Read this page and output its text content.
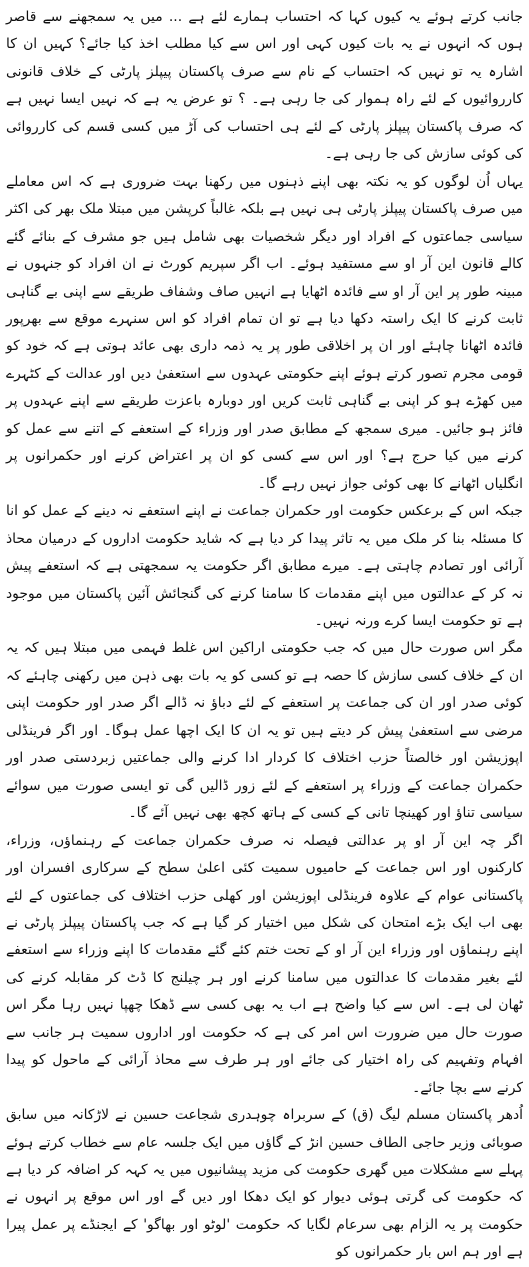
جانب کرتے ہوئے یہ کیوں کہا کہ احتساب ہمارے لئے ہے ... میں یہ سمجھنے سے قاصر ہوں کہ انہوں نے یہ بات کیوں کہی اور اس سے کیا مطلب اخذ کیا جائے؟ کہیں ان کا اشارہ یہ تو نہیں کہ احتساب کے نام سے صرف پاکستان پیپلز پارٹی کے خلاف قانونی کارروائیوں کے لئے راہ ہموار کی جا رہی ہے۔ ؟ تو عرض یہ ہے کہ نہیں ایسا نہیں ہے کہ صرف پاکستان پیپلز پارٹی کے لئے ہی احتساب کی آڑ میں کسی قسم کی کارروائی کی کوئی سازش کی جا رہی ہے۔

یہاں اُن لوگوں کو یہ نکتہ بھی اپنے ذہنوں میں رکھنا بہت ضروری ہے کہ اس معاملے میں صرف پاکستان پیپلز پارٹی ہی نہیں ہے بلکہ غالباً کرپشن میں مبتلا ملک بھر کی اکثر سیاسی جماعتوں کے افراد اور دیگر شخصیات بھی شامل ہیں جو مشرف کے بنائے گئے کالے قانون این آر او سے مستفید ہوئے۔ اب اگر سپریم کورٹ نے ان افراد کو جنہوں نے مبینہ طور پر این آر او سے فائدہ اٹھایا ہے انہیں صاف وشفاف طریقے سے اپنی بے گناہی ثابت کرنے کا ایک راستہ دکھا دیا ہے تو ان تمام افراد کو اس سنہرے موقع سے بھرپور فائدہ اٹھانا چاہئے اور ان پر اخلاقی طور پر یہ ذمہ داری بھی عائد ہوتی ہے کہ خود کو قومی مجرم تصور کرتے ہوئے اپنے حکومتی عہدوں سے استعفیٰ دیں اور عدالت کے کٹہرے میں کھڑے ہو کر اپنی بے گناہی ثابت کریں اور دوبارہ باعزت طریقے سے اپنے عہدوں پر فائز ہو جائیں۔ میری سمجھ کے مطابق صدر اور وزراء کے استعفے کے اتنے سے عمل کو کرنے میں کیا حرج ہے؟ اور اس سے کسی کو ان پر اعتراض کرنے اور حکمرانوں پر انگلیاں اٹھانے کا بھی کوئی جواز نہیں رہے گا۔

جبکہ اس کے برعکس حکومت اور حکمران جماعت نے اپنے استعفے نہ دینے کے عمل کو انا کا مسئلہ بنا کر ملک میں یہ تاثر پیدا کر دیا ہے کہ شاید حکومت اداروں کے درمیان محاذ آرائی اور تصادم چاہتی ہے۔ میرے مطابق اگر حکومت یہ سمجھتی ہے کہ استعفے پیش نہ کر کے عدالتوں میں اپنے مقدمات کا سامنا کرنے کی گنجائش آئین پاکستان میں موجود ہے تو حکومت ایسا کرے ورنہ نہیں۔

مگر اس صورت حال میں کہ جب حکومتی اراکین اس غلط فہمی میں مبتلا ہیں کہ یہ ان کے خلاف کسی سازش کا حصہ ہے تو کسی کو یہ بات بھی ذہن میں رکھنی چاہئے کہ کوئی صدر اور ان کی جماعت پر استعفے کے لئے دباؤ نہ ڈالے اگر صدر اور حکومت اپنی مرضی سے استعفیٰ پیش کر دیتے ہیں تو یہ ان کا ایک اچھا عمل ہوگا۔ اور اگر فرینڈلی اپوزیشن اور خالصتاً حزب اختلاف کا کردار ادا کرنے والی جماعتیں زبردستی صدر اور حکمران جماعت کے وزراء پر استعفے کے لئے زور ڈالیں گی تو ایسی صورت میں سوائے سیاسی تناؤ اور کھینچا تانی کے کسی کے ہاتھ کچھ بھی نہیں آئے گا۔

اگر چہ این آر او پر عدالتی فیصلہ نہ صرف حکمران جماعت کے رہنماؤں، وزراء، کارکنوں اور اس جماعت کے حامیوں سمیت کئی اعلیٰ سطح کے سرکاری افسران اور پاکستانی عوام کے علاوہ فرینڈلی اپوزیشن اور کھلی حزب اختلاف کی جماعتوں کے لئے بھی اب ایک بڑے امتحان کی شکل میں اختیار کر گیا ہے کہ جب پاکستان پیپلز پارٹی نے اپنے رہنماؤں اور وزراء این آر او کے تحت ختم کئے گئے مقدمات کا اپنے وزراء سے استعفے لئے بغیر مقدمات کا عدالتوں میں سامنا کرنے اور ہر چیلنج کا ڈٹ کر مقابلہ کرنے کی ٹھان لی ہے۔ اس سے کیا واضح ہے اب یہ بھی کسی سے ڈھکا چھپا نہیں رہا مگر اس صورت حال میں ضرورت اس امر کی ہے کہ حکومت اور اداروں سمیت ہر جانب سے افہام وتفہیم کی راہ اختیار کی جائے اور ہر طرف سے محاذ آرائی کے ماحول کو پیدا کرنے سے بچا جائے۔

اُدھر پاکستان مسلم لیگ (ق) کے سربراہ چوہدری شجاعت حسین نے لاڑکانہ میں سابق صوبائی وزیر حاجی الطاف حسین انڑ کے گاؤں میں ایک جلسہ عام سے خطاب کرتے ہوئے پہلے سے مشکلات میں گھری حکومت کی مزید پیشانیوں میں یہ کہہ کر اضافہ کر دیا ہے کہ حکومت کی گرتی ہوئی دیوار کو ایک دھکا اور دیں گے اور اس موقع پر انہوں نے حکومت پر یہ الزام بھی سرعام لگایا کہ حکومت 'لوٹو اور بھاگو' کے ایجنڈے پر عمل پیرا ہے اور ہم اس بار حکمرانوں کو
